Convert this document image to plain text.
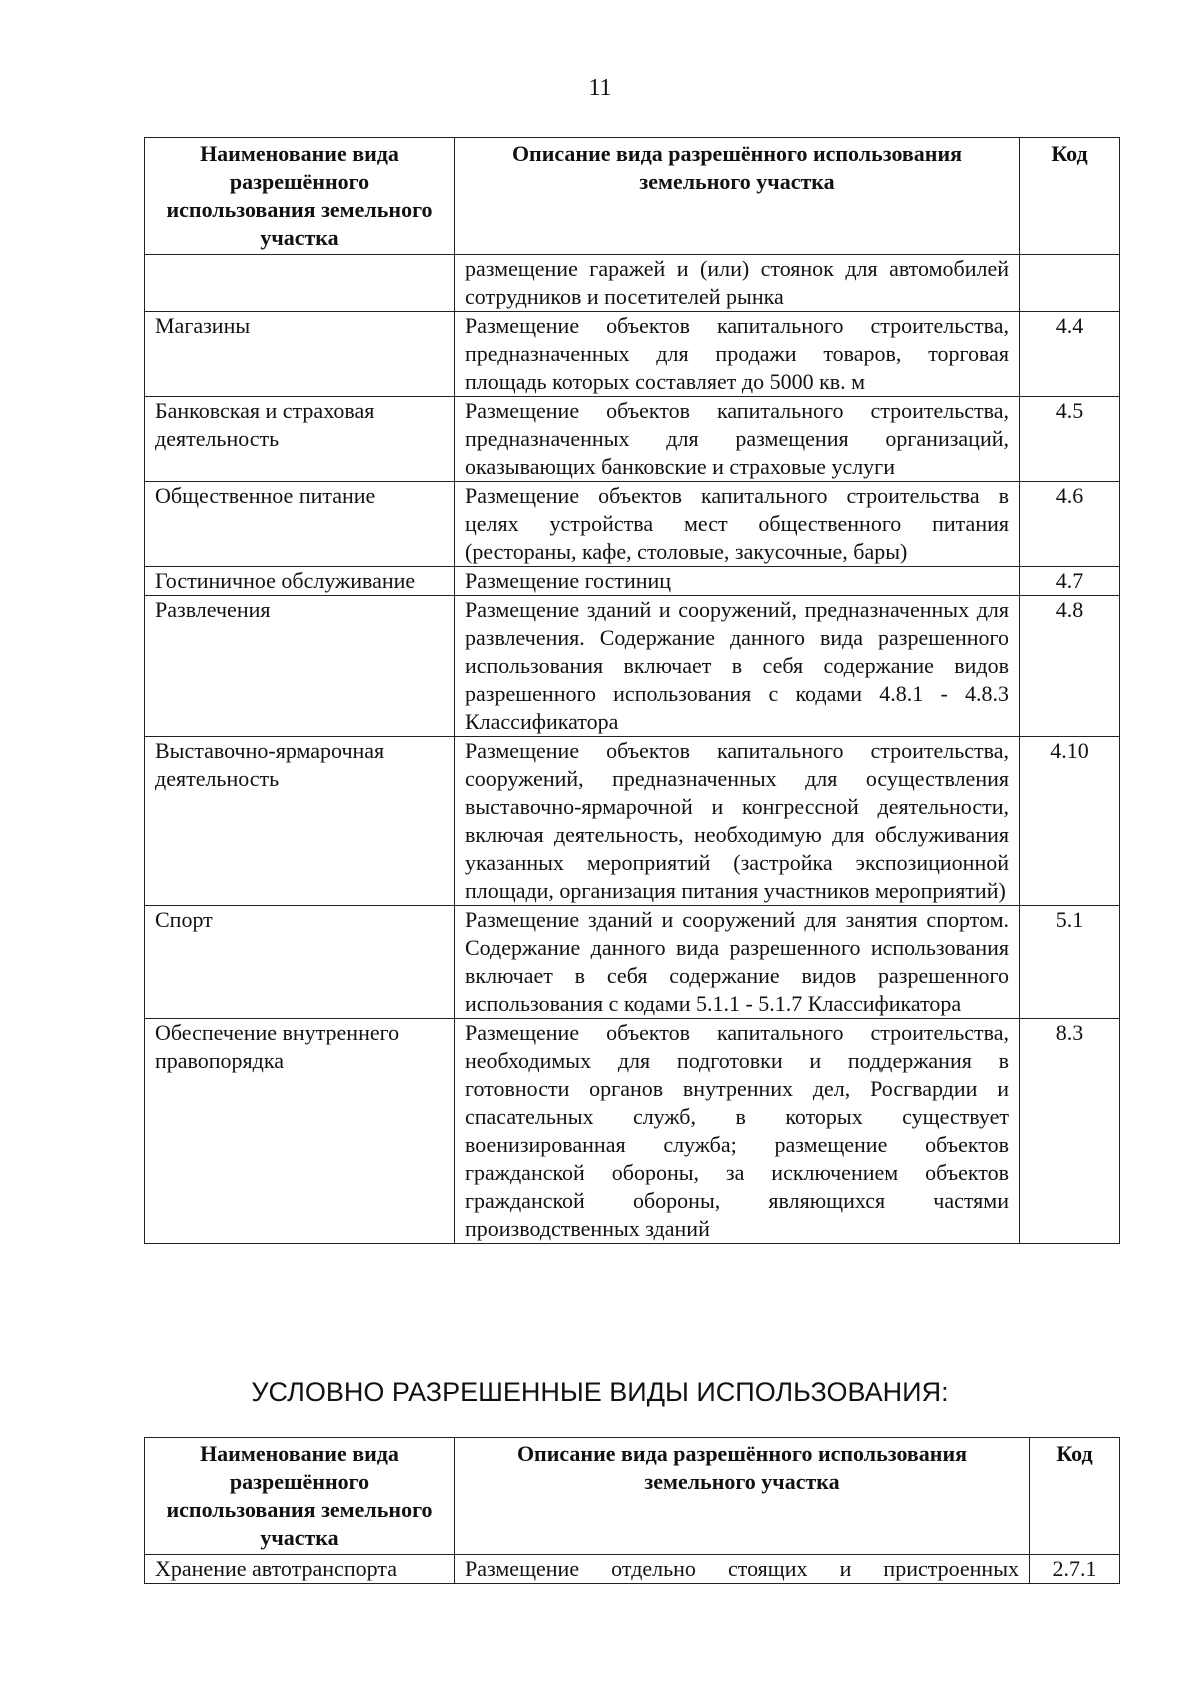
11
Наименование вида разрешённого использования земельного участка	Описание вида разрешённого использования земельного участка	Код
	размещение гаражей и (или) стоянок для автомобилей сотрудников и посетителей рынка	
Магазины	Размещение объектов капитального строительства, предназначенных для продажи товаров, торговая площадь которых составляет до 5000 кв. м	4.4
Банковская и страховая деятельность	Размещение объектов капитального строительства, предназначенных для размещения организаций, оказывающих банковские и страховые услуги	4.5
Общественное питание	Размещение объектов капитального строительства в целях устройства мест общественного питания (рестораны, кафе, столовые, закусочные, бары)	4.6
Гостиничное обслуживание	Размещение гостиниц	4.7
Развлечения	Размещение зданий и сооружений, предназначенных для развлечения. Содержание данного вида разрешенного использования включает в себя содержание видов разрешенного использования с кодами 4.8.1 - 4.8.3 Классификатора	4.8
Выставочно-ярмарочная деятельность	Размещение объектов капитального строительства, сооружений, предназначенных для осуществления выставочно-ярмарочной и конгрессной деятельности, включая деятельность, необходимую для обслуживания указанных мероприятий (застройка экспозиционной площади, организация питания участников мероприятий)	4.10
Спорт	Размещение зданий и сооружений для занятия спортом. Содержание данного вида разрешенного использования включает в себя содержание видов разрешенного использования с кодами 5.1.1 - 5.1.7 Классификатора	5.1
Обеспечение внутреннего правопорядка	Размещение объектов капитального строительства, необходимых для подготовки и поддержания в готовности органов внутренних дел, Росгвардии и спасательных служб, в которых существует военизированная служба; размещение объектов гражданской обороны, за исключением объектов гражданской обороны, являющихся частями производственных зданий	8.3
УСЛОВНО РАЗРЕШЕННЫЕ ВИДЫ ИСПОЛЬЗОВАНИЯ:
Наименование вида разрешённого использования земельного участка	Описание вида разрешённого использования земельного участка	Код
Хранение автотранспорта	Размещение отдельно стоящих и пристроенных	2.7.1
